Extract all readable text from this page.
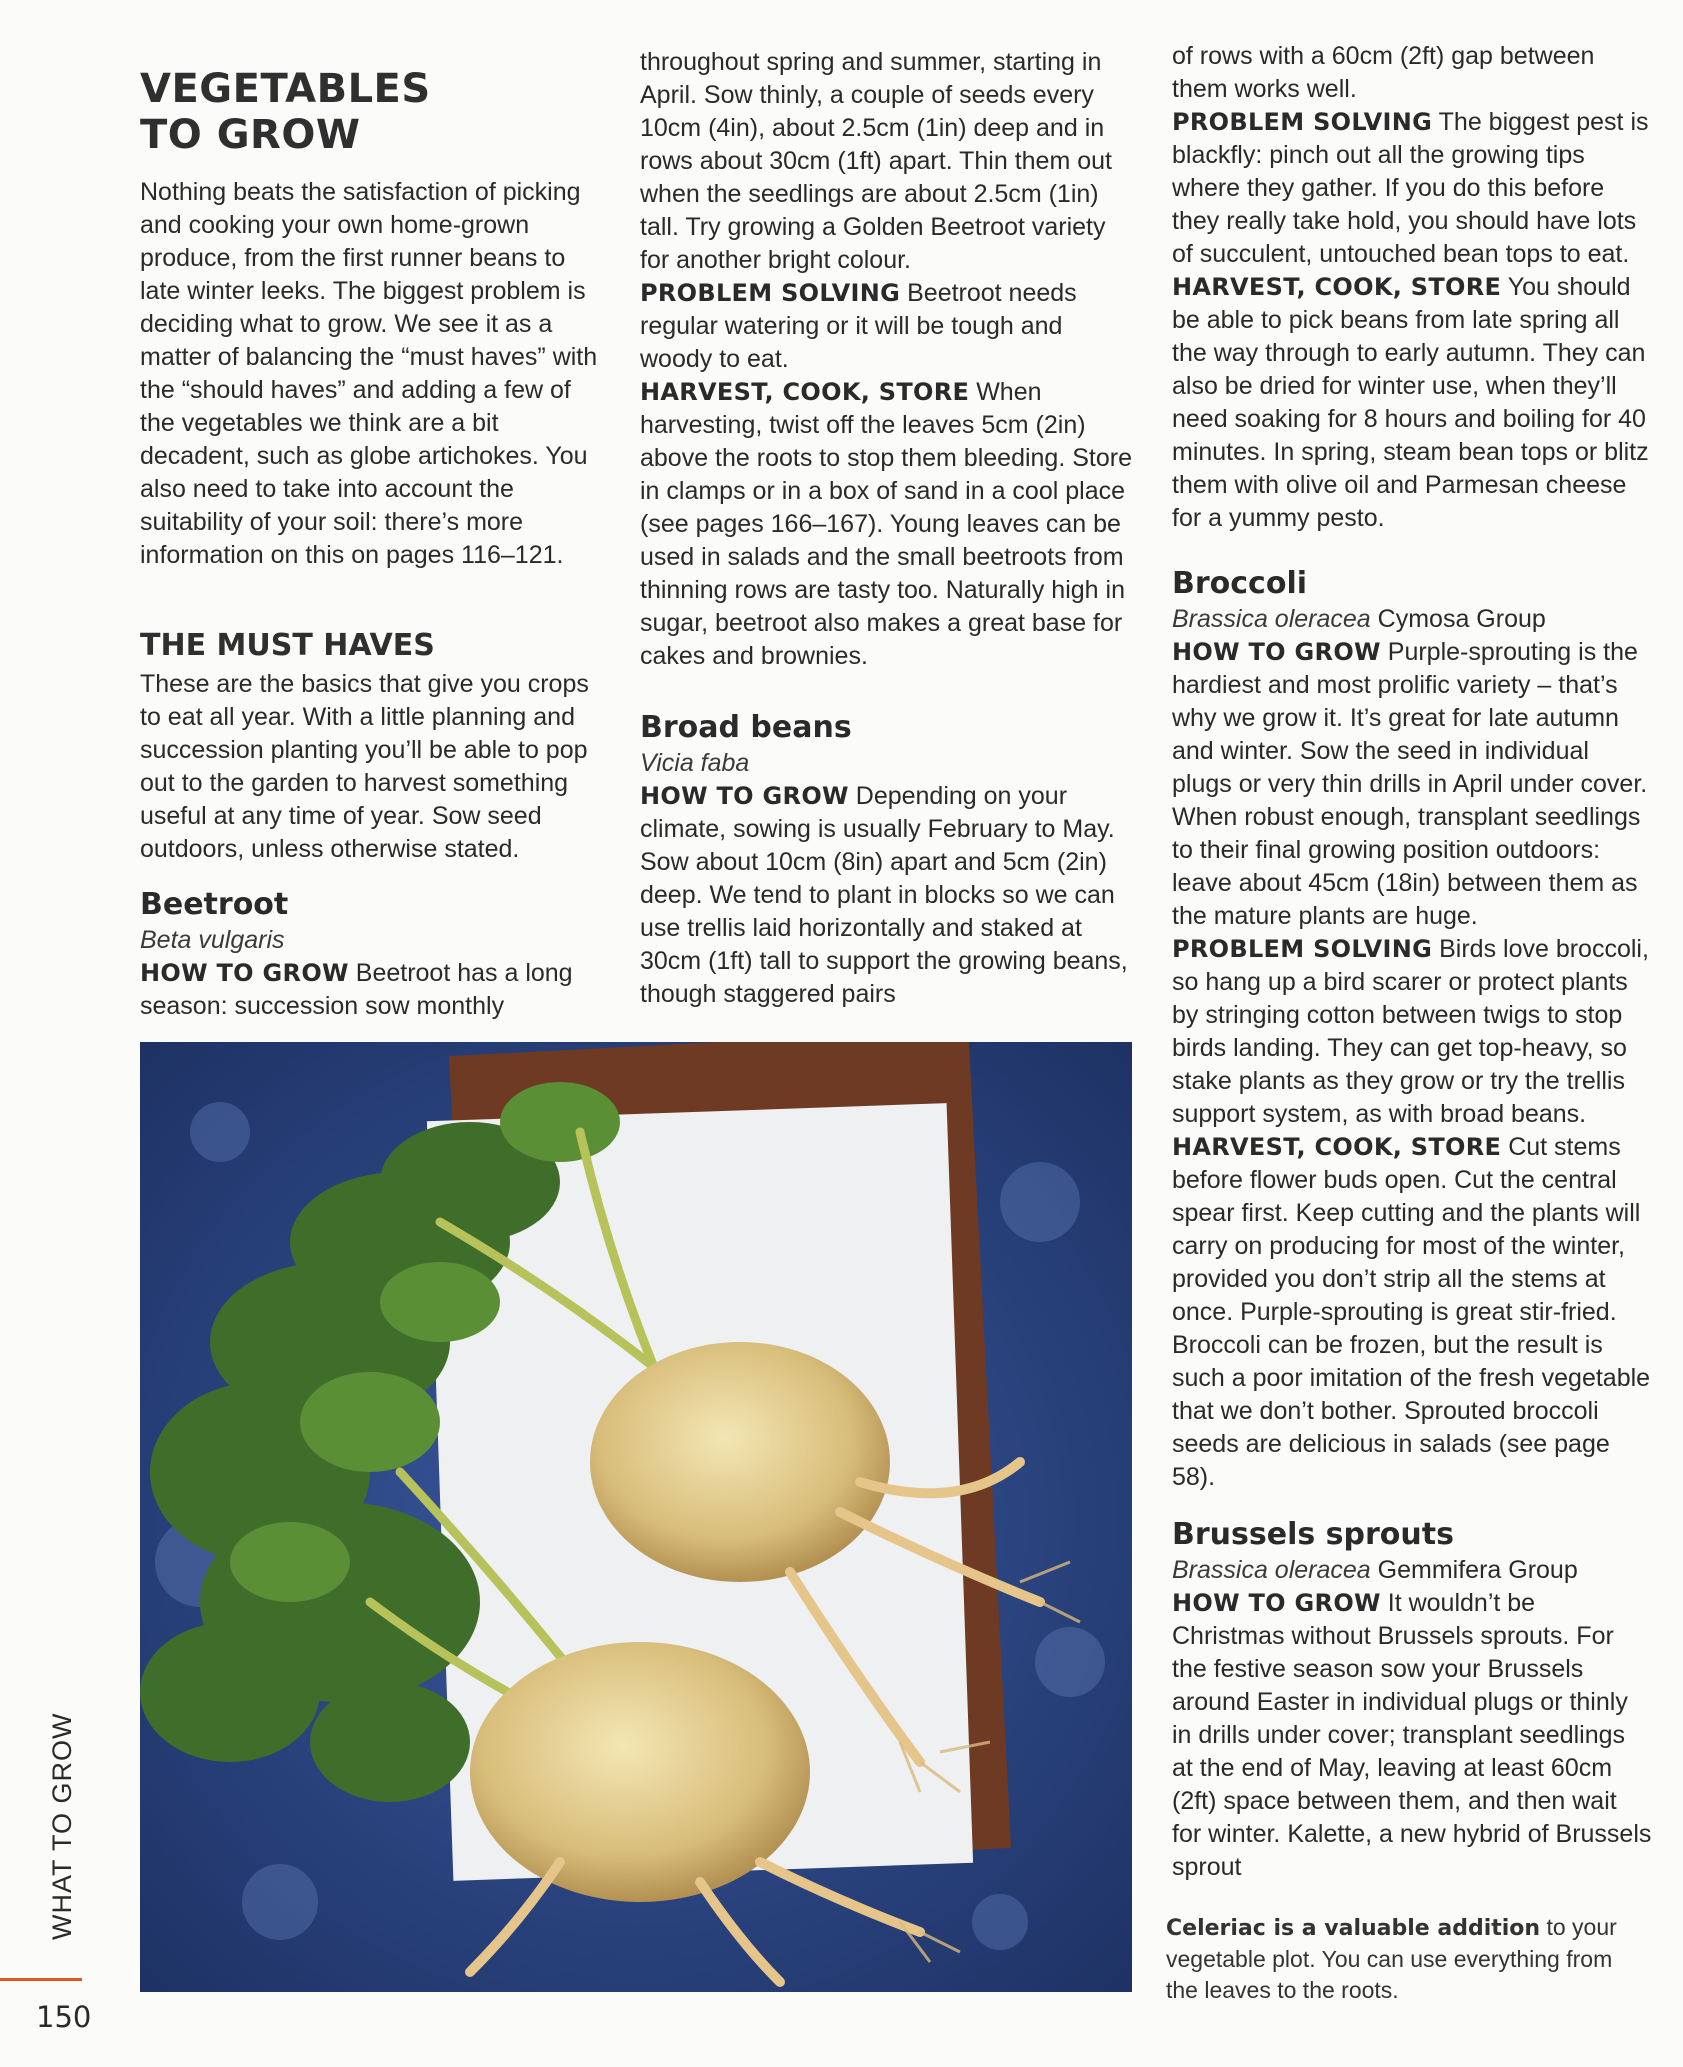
VEGETABLES
TO GROW

Nothing beats the satisfaction of picking and cooking your own home-grown produce, from the first runner beans to late winter leeks. The biggest problem is deciding what to grow. We see it as a matter of balancing the “must haves” with the “should haves” and adding a few of the vegetables we think are a bit decadent, such as globe artichokes. You also need to take into account the suitability of your soil: there’s more information on this on pages 116–121.

THE MUST HAVES

These are the basics that give you crops to eat all year. With a little planning and succession planting you’ll be able to pop out to the garden to harvest something useful at any time of year. Sow seed outdoors, unless otherwise stated.

Beetroot

Beta vulgaris

HOW TO GROW Beetroot has a long season: succession sow monthly

throughout spring and summer, starting in April. Sow thinly, a couple of seeds every 10cm (4in), about 2.5cm (1in) deep and in rows about 30cm (1ft) apart. Thin them out when the seedlings are about 2.5cm (1in) tall. Try growing a Golden Beetroot variety for another bright colour.

PROBLEM SOLVING Beetroot needs regular watering or it will be tough and woody to eat.

HARVEST, COOK, STORE When harvesting, twist off the leaves 5cm (2in) above the roots to stop them bleeding. Store in clamps or in a box of sand in a cool place (see pages 166–167). Young leaves can be used in salads and the small beetroots from thinning rows are tasty too. Naturally high in sugar, beetroot also makes a great base for cakes and brownies.

Broad beans

Vicia faba

HOW TO GROW Depending on your climate, sowing is usually February to May. Sow about 10cm (8in) apart and 5cm (2in) deep. We tend to plant in blocks so we can use trellis laid horizontally and staked at 30cm (1ft) tall to support the growing beans, though staggered pairs

of rows with a 60cm (2ft) gap between them works well.

PROBLEM SOLVING The biggest pest is blackfly: pinch out all the growing tips where they gather. If you do this before they really take hold, you should have lots of succulent, untouched bean tops to eat.

HARVEST, COOK, STORE You should be able to pick beans from late spring all the way through to early autumn. They can also be dried for winter use, when they’ll need soaking for 8 hours and boiling for 40 minutes. In spring, steam bean tops or blitz them with olive oil and Parmesan cheese for a yummy pesto.

Broccoli

Brassica oleracea Cymosa Group

HOW TO GROW Purple-sprouting is the hardiest and most prolific variety – that’s why we grow it. It’s great for late autumn and winter. Sow the seed in individual plugs or very thin drills in April under cover. When robust enough, transplant seedlings to their final growing position outdoors: leave about 45cm (18in) between them as the mature plants are huge.

PROBLEM SOLVING Birds love broccoli, so hang up a bird scarer or protect plants by stringing cotton between twigs to stop birds landing. They can get top-heavy, so stake plants as they grow or try the trellis support system, as with broad beans.

HARVEST, COOK, STORE Cut stems before flower buds open. Cut the central spear first. Keep cutting and the plants will carry on producing for most of the winter, provided you don’t strip all the stems at once. Purple-sprouting is great stir-fried. Broccoli can be frozen, but the result is such a poor imitation of the fresh vegetable that we don’t bother. Sprouted broccoli seeds are delicious in salads (see page 58).

Brussels sprouts

Brassica oleracea Gemmifera Group

HOW TO GROW It wouldn’t be Christmas without Brussels sprouts. For the festive season sow your Brussels around Easter in individual plugs or thinly in drills under cover; transplant seedlings at the end of May, leaving at least 60cm (2ft) space between them, and then wait for winter. Kalette, a new hybrid of Brussels sprout

Celeriac is a valuable addition to your vegetable plot. You can use everything from the leaves to the roots.
WHAT TO GROW
150
